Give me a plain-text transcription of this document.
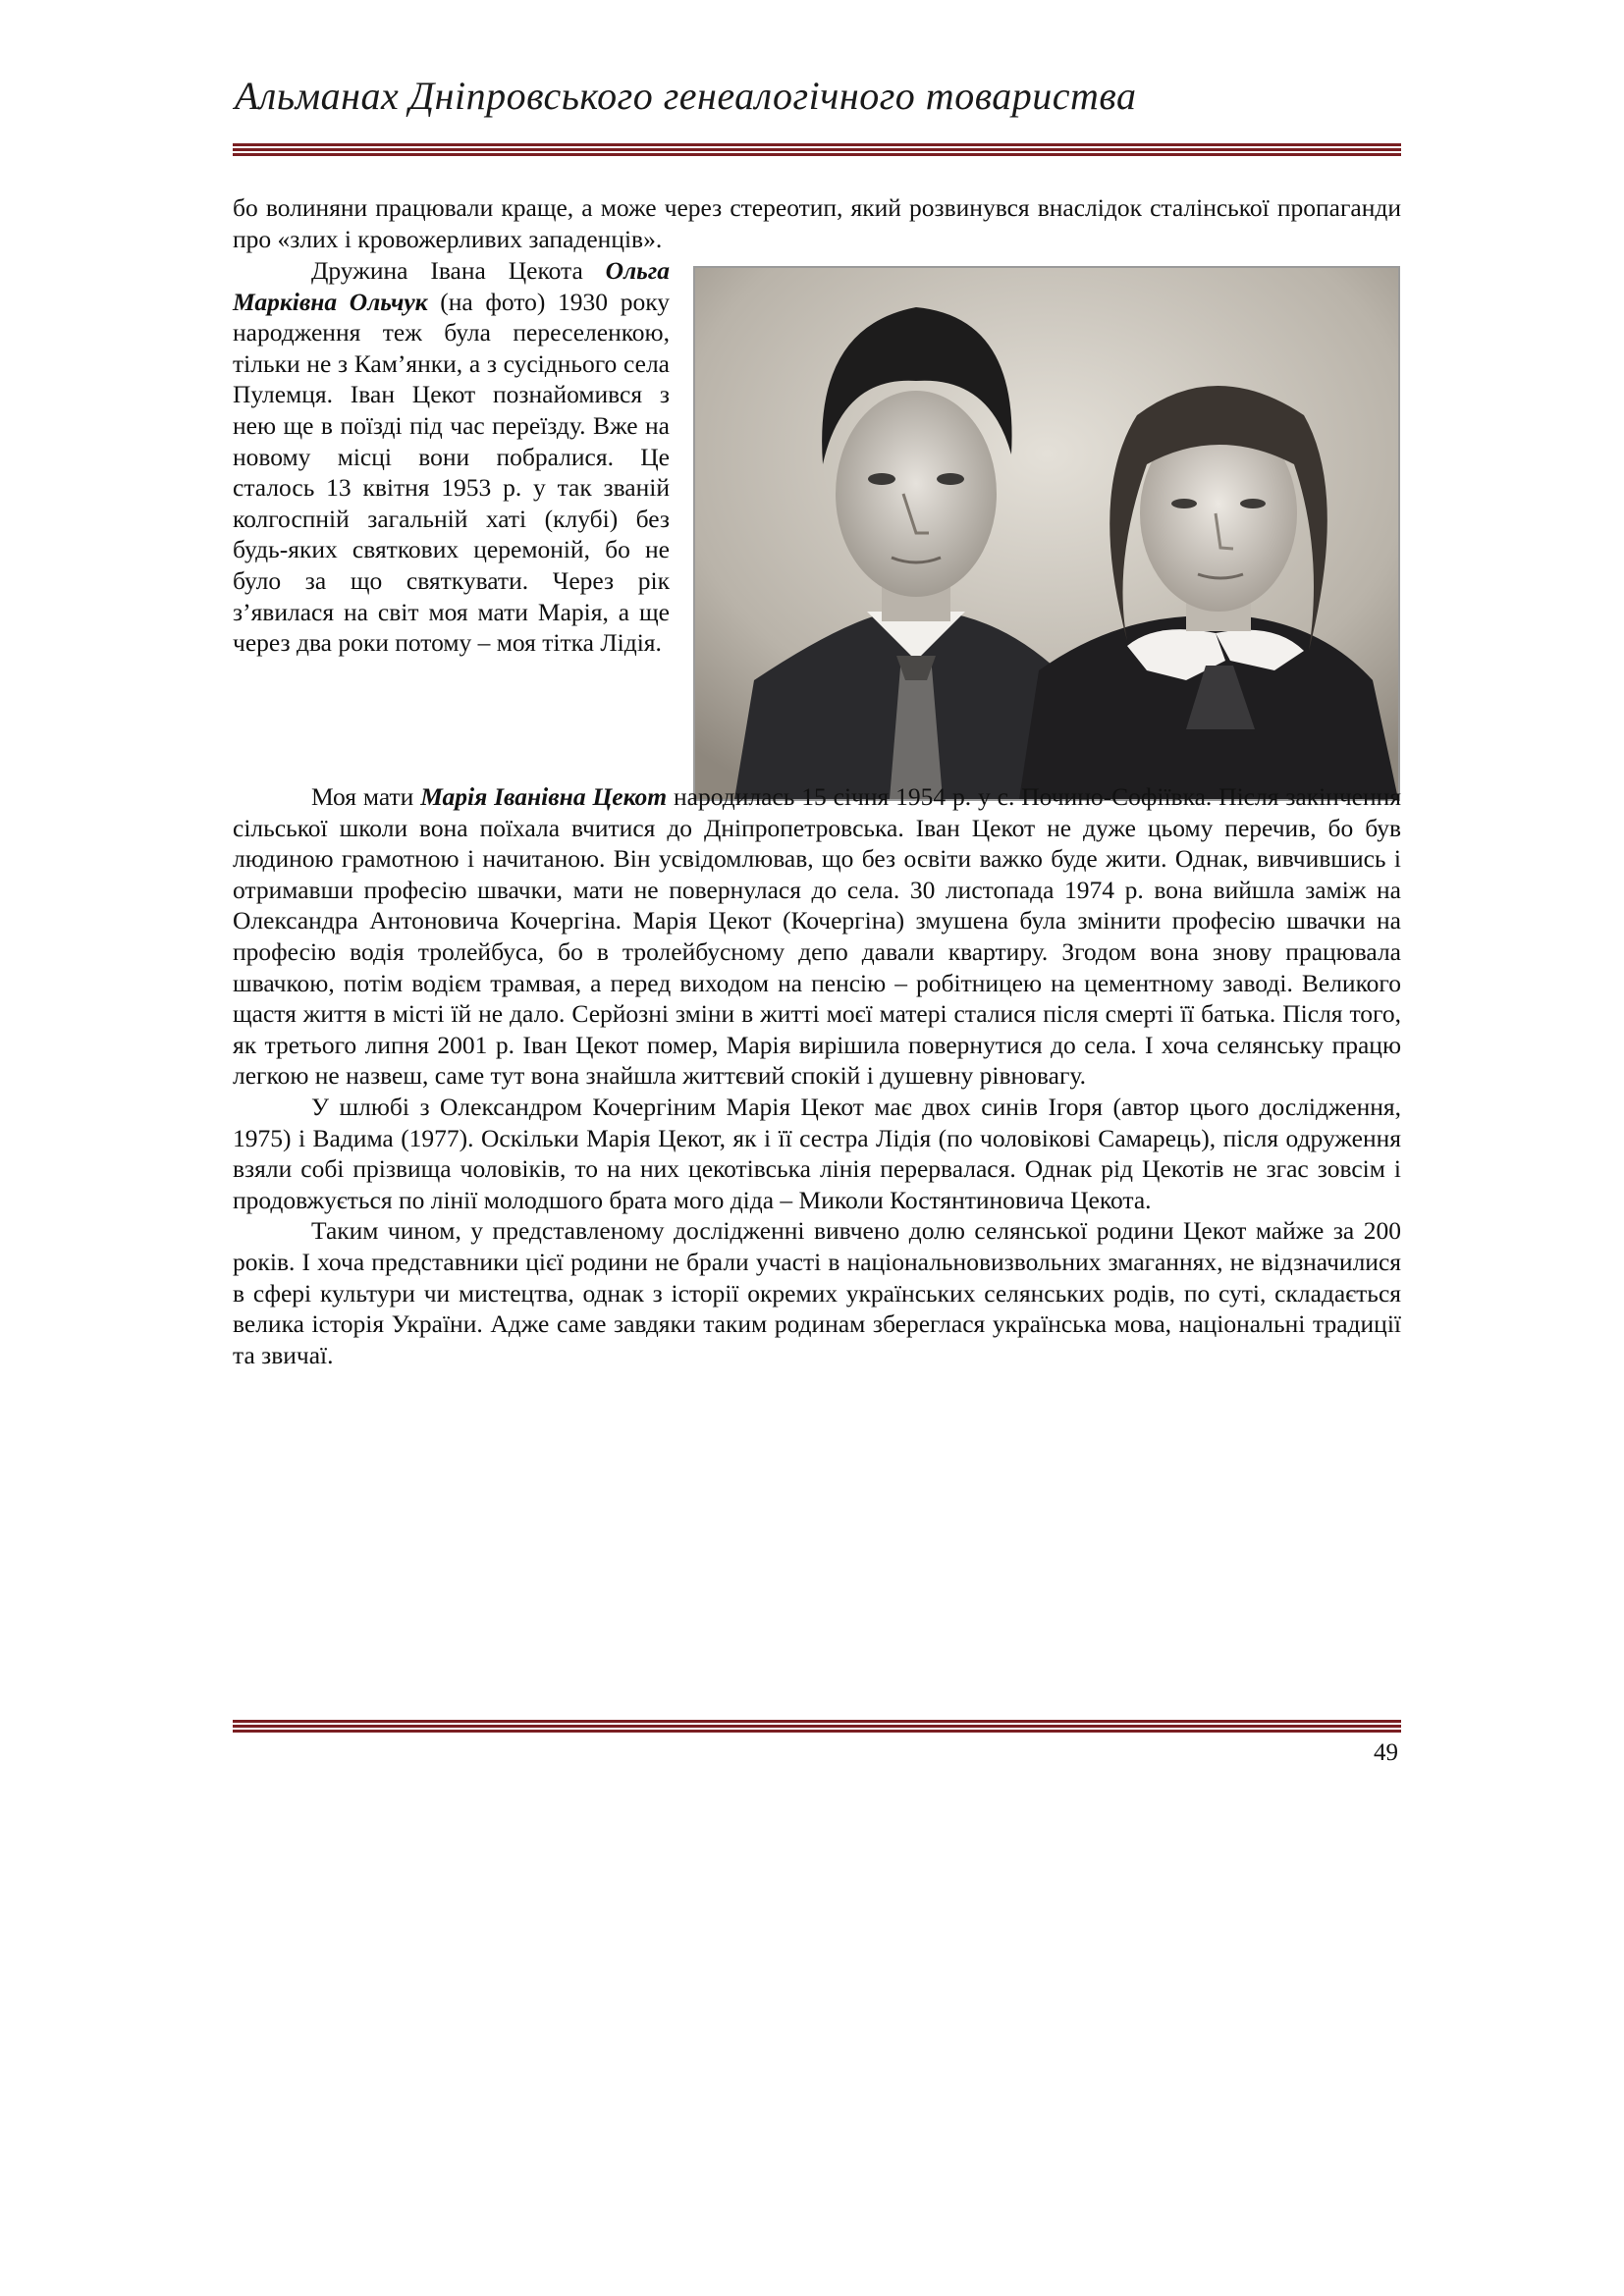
Альманах Дніпровського генеалогічного товариства

бо волиняни працювали краще, а може через стереотип, який розвинувся внаслідок сталінської пропаганди про «злих і кровожерливих западенців».

Дружина Івана Цекота Ольга Марківна Ольчук (на фото) 1930 року народження теж була переселенкою, тільки не з Кам’янки, а з сусіднього села Пулемця. Іван Цекот познайомився з нею ще в поїзді під час переїзду. Вже на новому місці вони побралися. Це сталось 13 квітня 1953 р. у так званій колгоспній загальній хаті (клубі) без будь-яких святкових церемоній, бо не було за що святкувати. Через рік з’явилася на світ моя мати Марія, а ще через два роки потому – моя тітка Лідія.

Моя мати Марія Іванівна Цекот народилась 15 січня 1954 р. у с. Почино-Софіївка. Після закінчення сільської школи вона поїхала вчитися до Дніпропетровська. Іван Цекот не дуже цьому перечив, бо був людиною грамотною і начитаною. Він усвідомлював, що без освіти важко буде жити. Однак, вивчившись і отримавши професію швачки, мати не повернулася до села. 30 листопада 1974 р. вона вийшла заміж на Олександра Антоновича Кочергіна. Марія Цекот (Кочергіна) змушена була змінити професію швачки на професію водія тролейбуса, бо в тролейбусному депо давали квартиру. Згодом вона знову працювала швачкою, потім водієм трамвая, а перед виходом на пенсію – робітницею на цементному заводі. Великого щастя життя в місті їй не дало. Серйозні зміни в житті моєї матері сталися після смерті її батька. Після того, як третього липня 2001 р. Іван Цекот помер, Марія вирішила повернутися до села. І хоча селянську працю легкою не назвеш, саме тут вона знайшла життєвий спокій і душевну рівновагу.

У шлюбі з Олександром Кочергіним Марія Цекот має двох синів Ігоря (автор цього дослідження, 1975) і Вадима (1977). Оскільки Марія Цекот, як і її сестра Лідія (по чоловікові Самарець), після одруження взяли собі прізвища чоловіків, то на них цекотівська лінія перервалася. Однак рід Цекотів не згас зовсім і продовжується по лінії молодшого брата мого діда – Миколи Костянтиновича Цекота.

Таким чином, у представленому дослідженні вивчено долю селянської родини Цекот майже за 200 років. І хоча представники цієї родини не брали участі в національновизвольних змаганнях, не відзначилися в сфері культури чи мистецтва, однак з історії окремих українських селянських родів, по суті, складається велика історія України. Адже саме завдяки таким родинам збереглася українська мова, національні традиції та звичаї.

49
